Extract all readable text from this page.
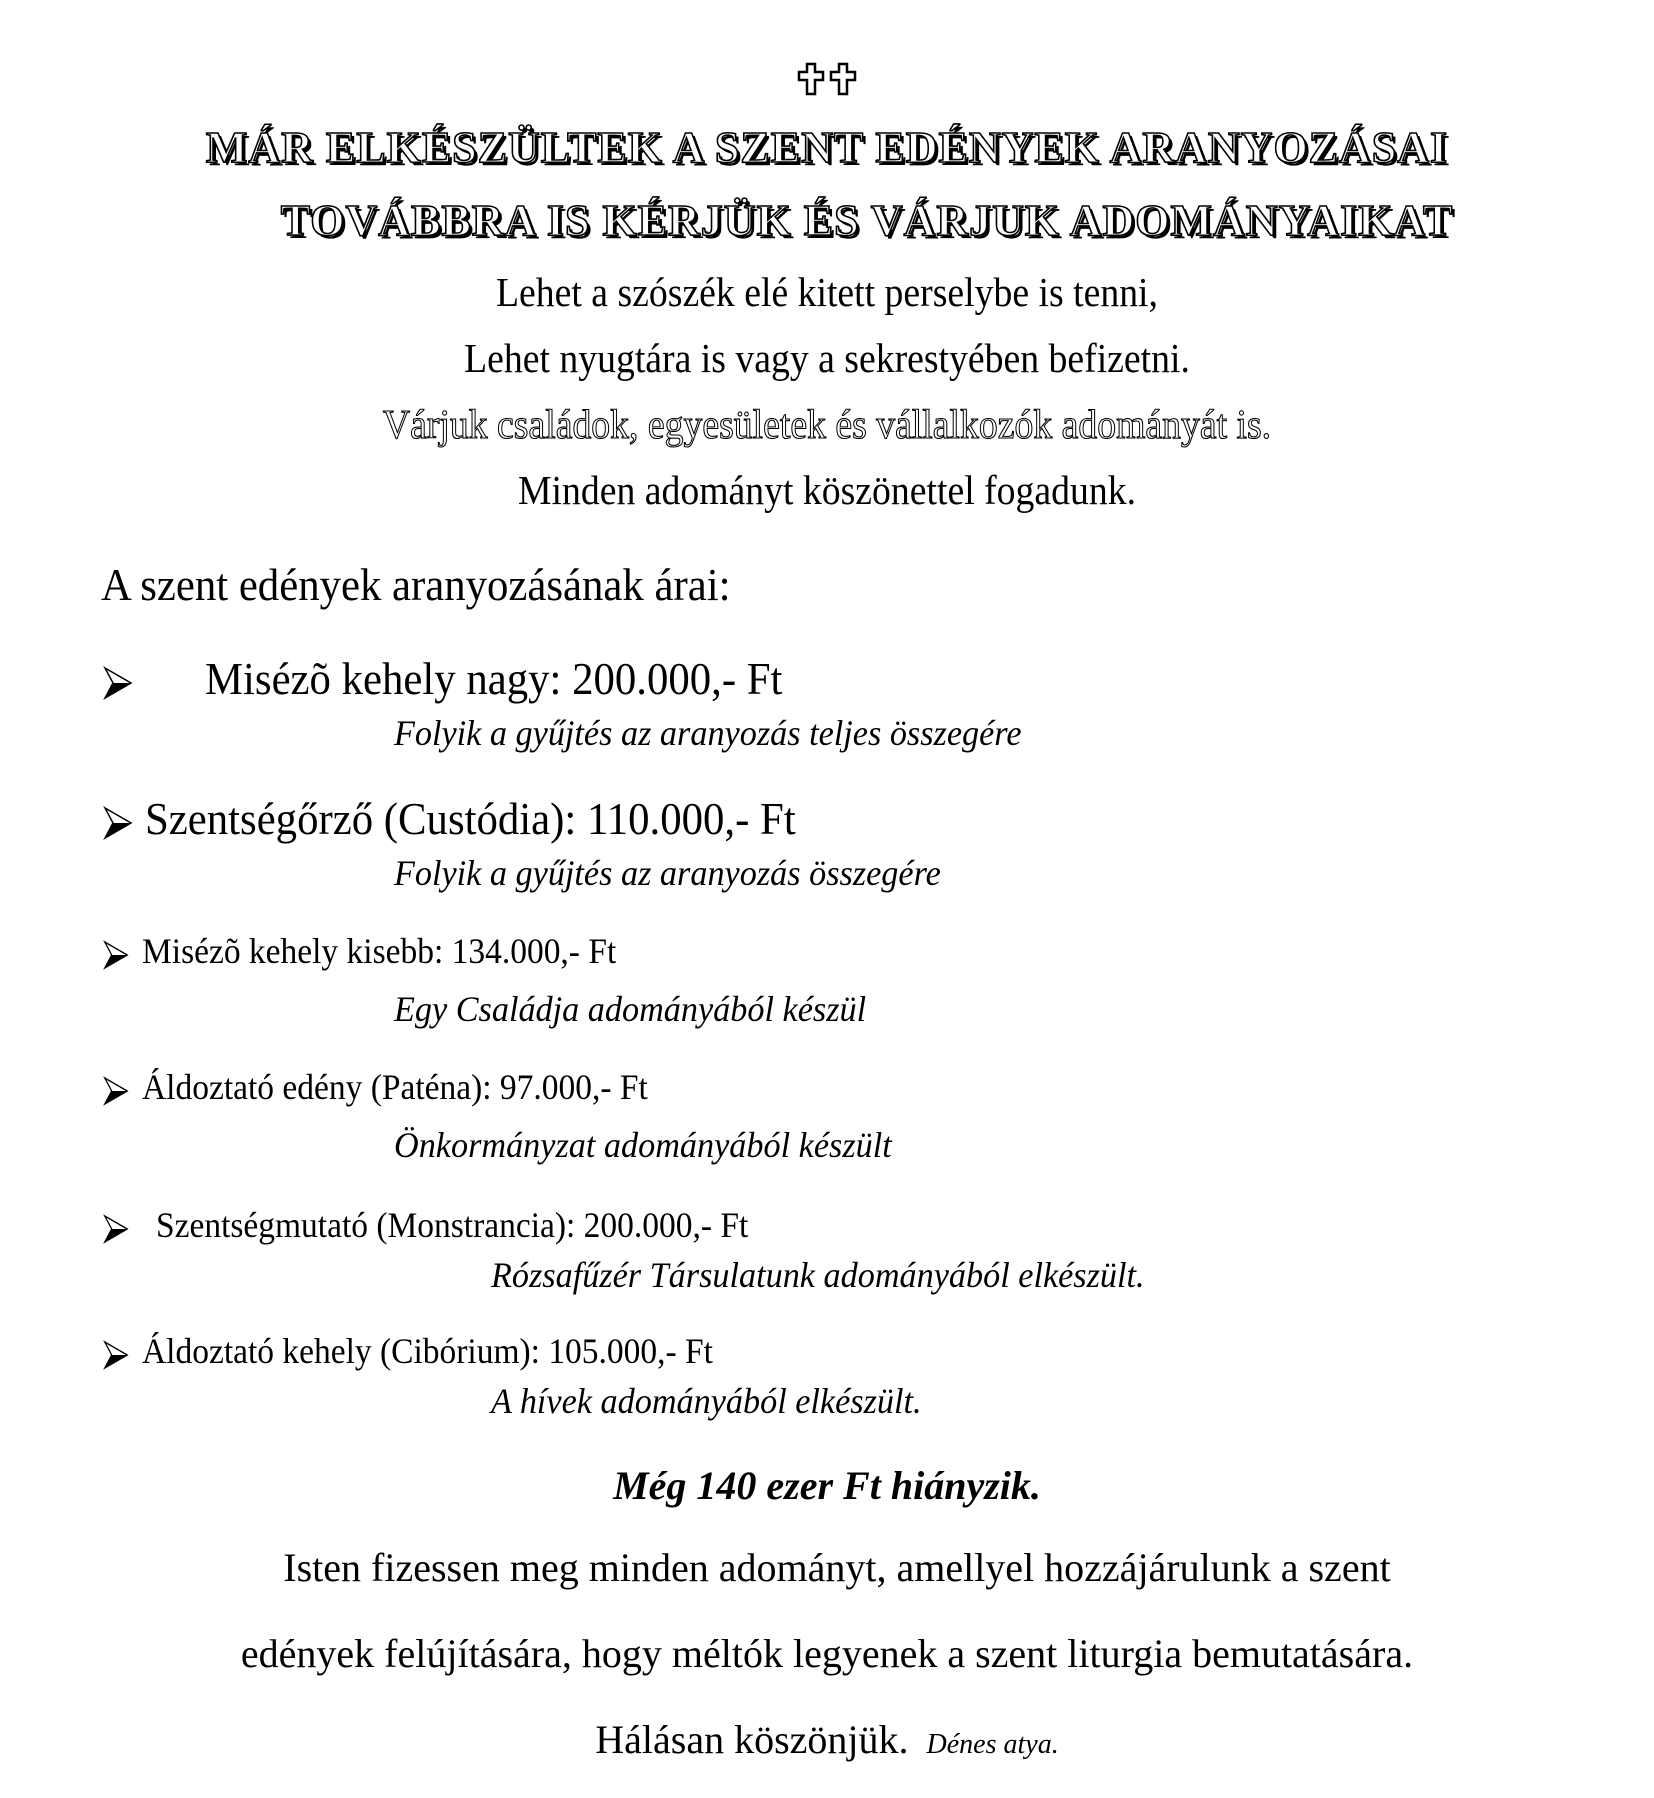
MÁR ELKÉSZÜLTEK A SZENT EDÉNYEK ARANYOZÁSAI
TOVÁBBRA IS KÉRJÜK ÉS VÁRJUK ADOMÁNYAIKAT
Lehet a szószék elé kitett perselybe is tenni,
Lehet nyugtára is vagy a sekrestyében befizetni.
Várjuk családok, egyesületek és vállalkozók adományát is.
Minden adományt köszönettel fogadunk.
A szent edények aranyozásának árai:
Misézõ kehely nagy: 200.000,- Ft
Folyik a gyűjtés az aranyozás teljes összegére
Szentségőrző (Custódia): 110.000,- Ft
Folyik a gyűjtés az aranyozás összegére
Misézõ kehely kisebb: 134.000,- Ft
Egy Családja adományából készül
Áldoztató edény (Paténa): 97.000,- Ft
Önkormányzat adományából készült
Szentségmutató (Monstrancia): 200.000,- Ft
Rózsafűzér Társulatunk adományából elkészült.
Áldoztató kehely (Cibórium): 105.000,- Ft
A hívek adományából elkészült.
Még 140 ezer Ft hiányzik.
Isten fizessen meg minden adományt, amellyel hozzájárulunk a szent
edények felújítására, hogy méltók legyenek a szent liturgia bemutatására.
Hálásan köszönjük. Dénes atya.
